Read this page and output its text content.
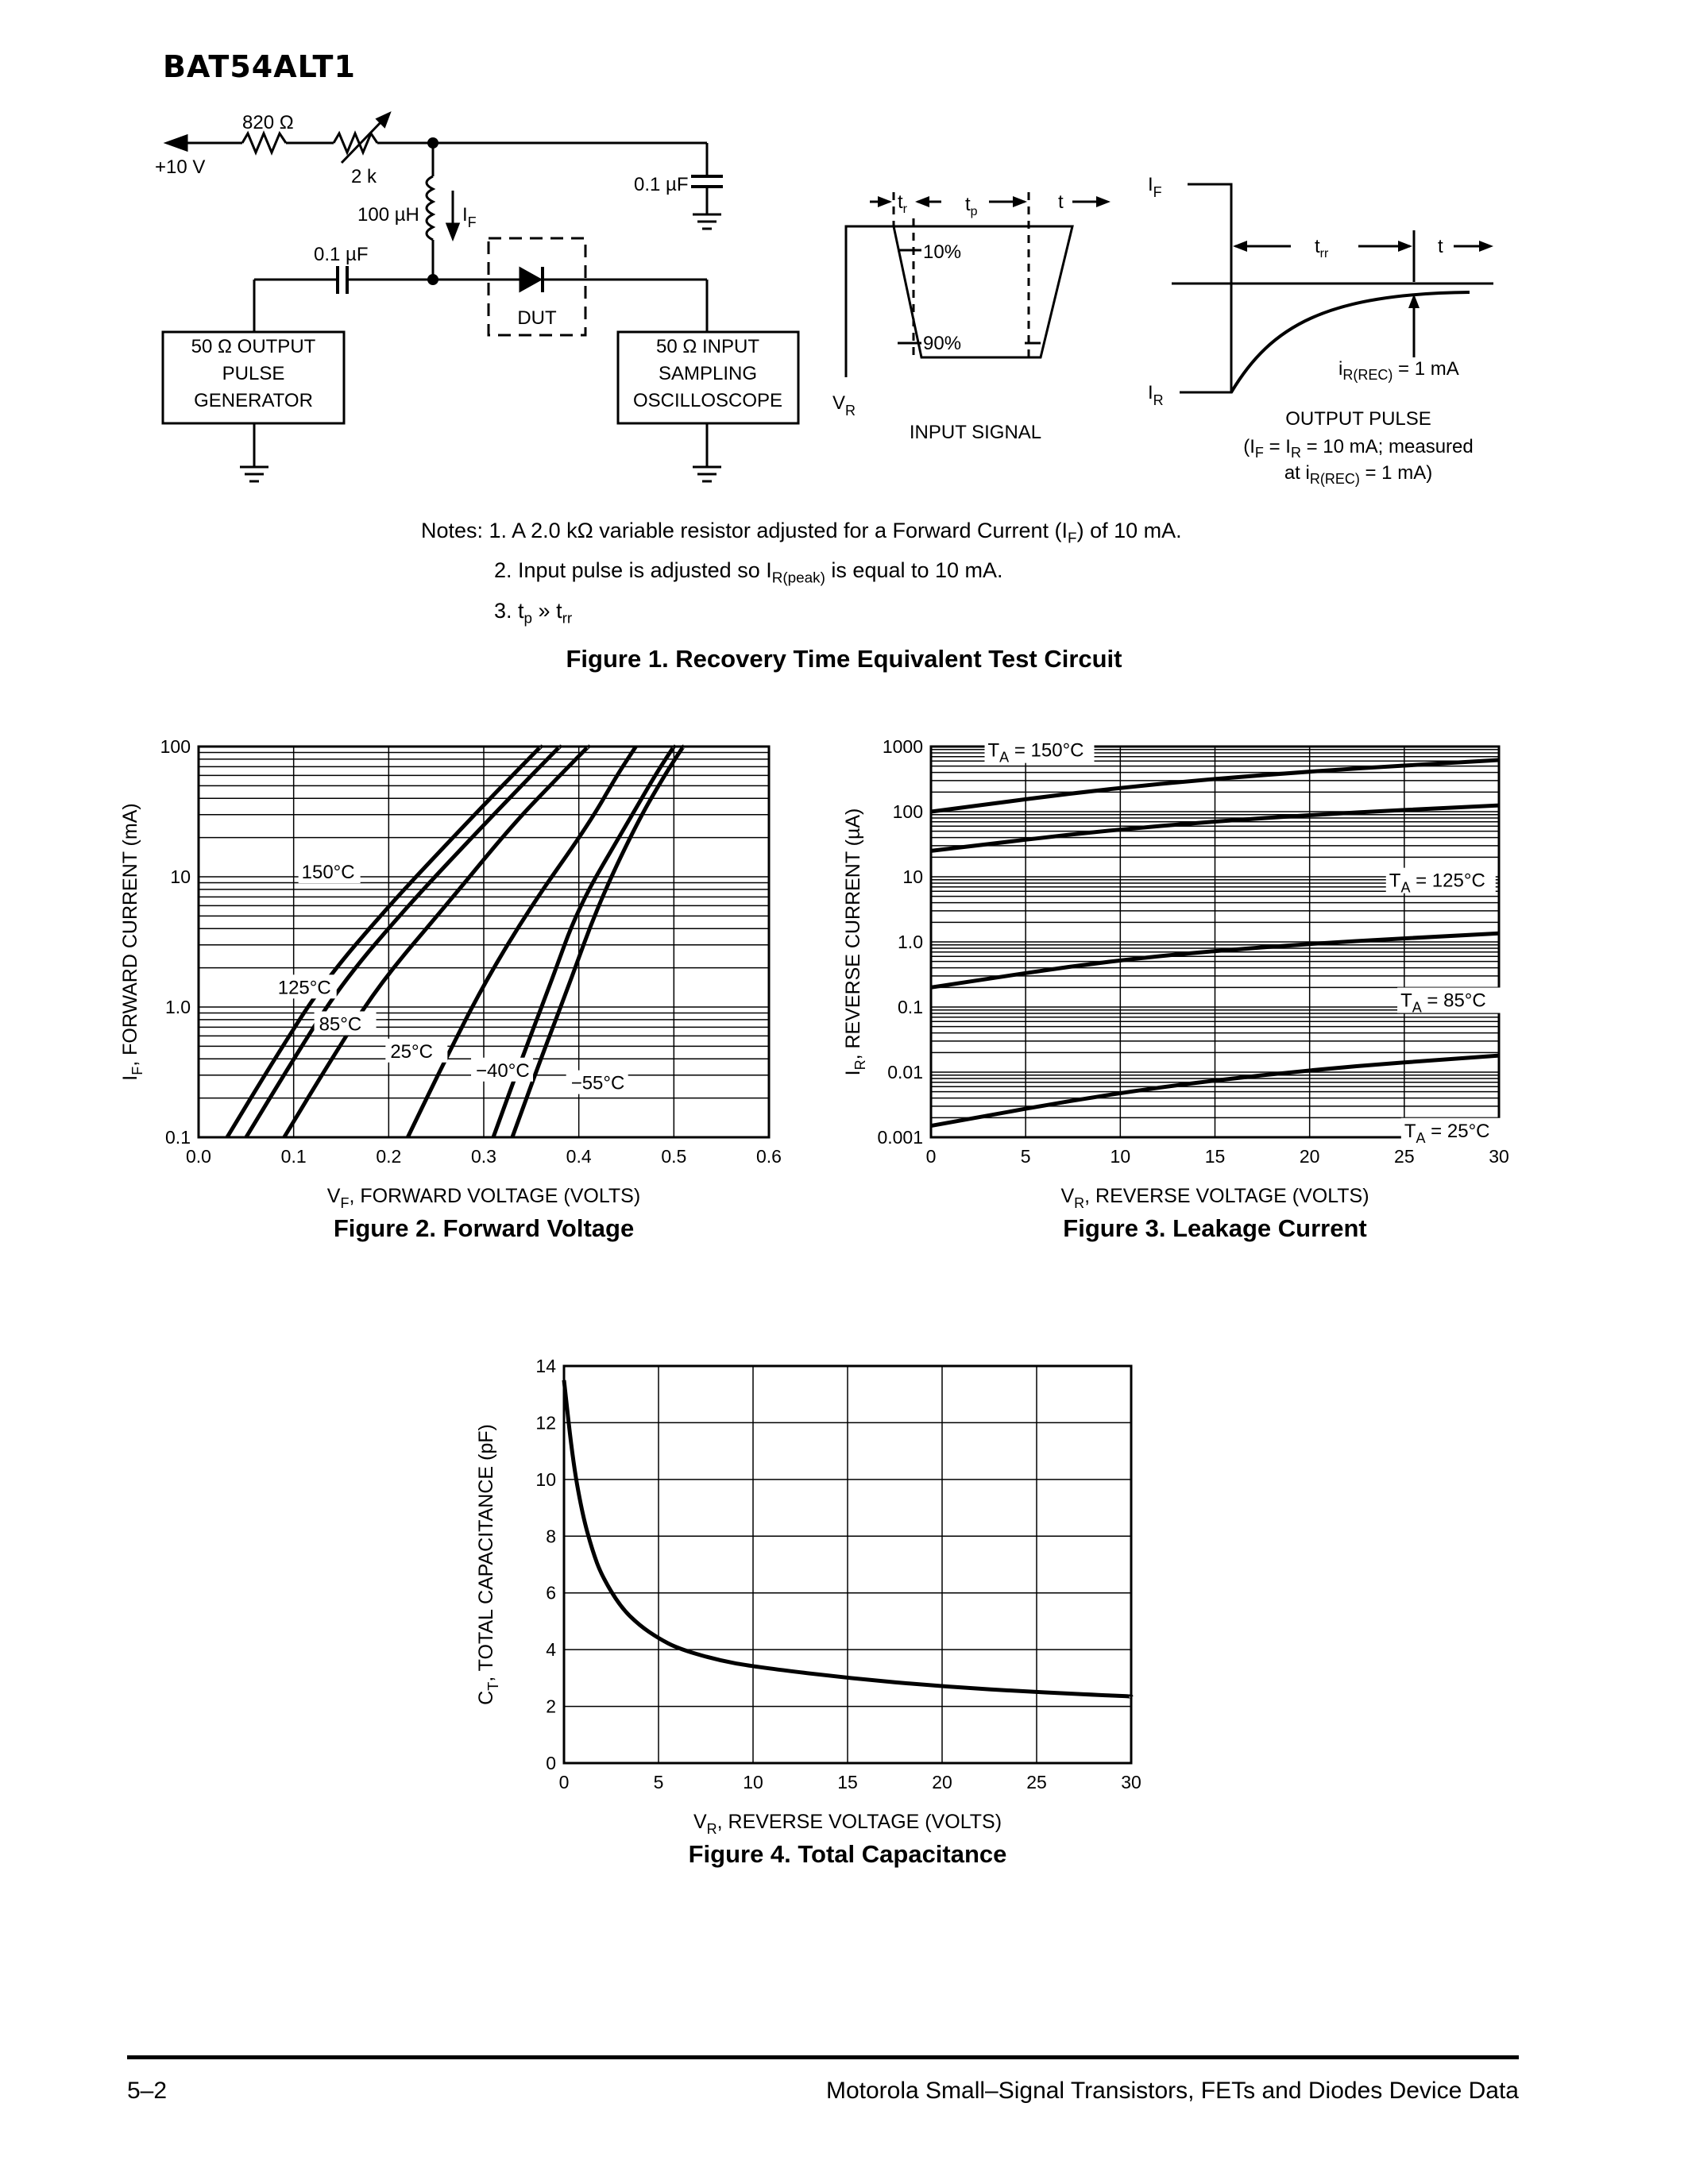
BAT54ALT1
+10 V
820 Ω
2 k	0.1 µF
100 µH $I_F$
0.1 µF
DUT
50 Ω OUTPUT
PULSE
GENERATOR
50 Ω INPUT
SAMPLING
OSCILLOSCOPE
$t_r$	$t_p$	t
10%
90%
$V_R$
INPUT SIGNAL
$I_F$
$I_R$
$t_{rr}$	t
$i_{R(REC)} = 1$ mA
OUTPUT PULSE
($I_F = I_R = 10$ mA; measured
at $i_{R(REC)} = 1$ mA)
Notes: 1. A 2.0 kΩ variable resistor adjusted for a Forward Current $(I_F)$ of 10 mA.
2. Input pulse is adjusted so $I_{R(peak)}$ is equal to 10 mA.
3. $t_p$ » $t_{rr}$
Figure 1. Recovery Time Equivalent Test Circuit
0.0	0.1	0.2	0.3	0.4	0.5	0.6
0.1
1.0
10
100
$V_F$, FORWARD VOLTAGE (VOLTS)
$I_F$, FORWARD CURRENT (mA)
Figure 2. Forward Voltage
150°C
125°C
85°C
25°C
−40°C
−55°C
0	5	10	15	20	25	30
0.001
0.01
0.1
1.0
10
100
1000
$V_R$, REVERSE VOLTAGE (VOLTS)
$I_R$, REVERSE CURRENT (µA)
Figure 3. Leakage Current
$T_A = 150^\circ C$
$T_A = 125^\circ C$
$T_A = 85^\circ C$
$T_A = 25^\circ C$
0	5	10	15	20	25	30
0
2
4
6
8
10
12
14
$V_R$, REVERSE VOLTAGE (VOLTS)
$C_T$, TOTAL CAPACITANCE (pF)
Figure 4. Total Capacitance
5–2	Motorola Small–Signal Transistors, FETs and Diodes Device Data
